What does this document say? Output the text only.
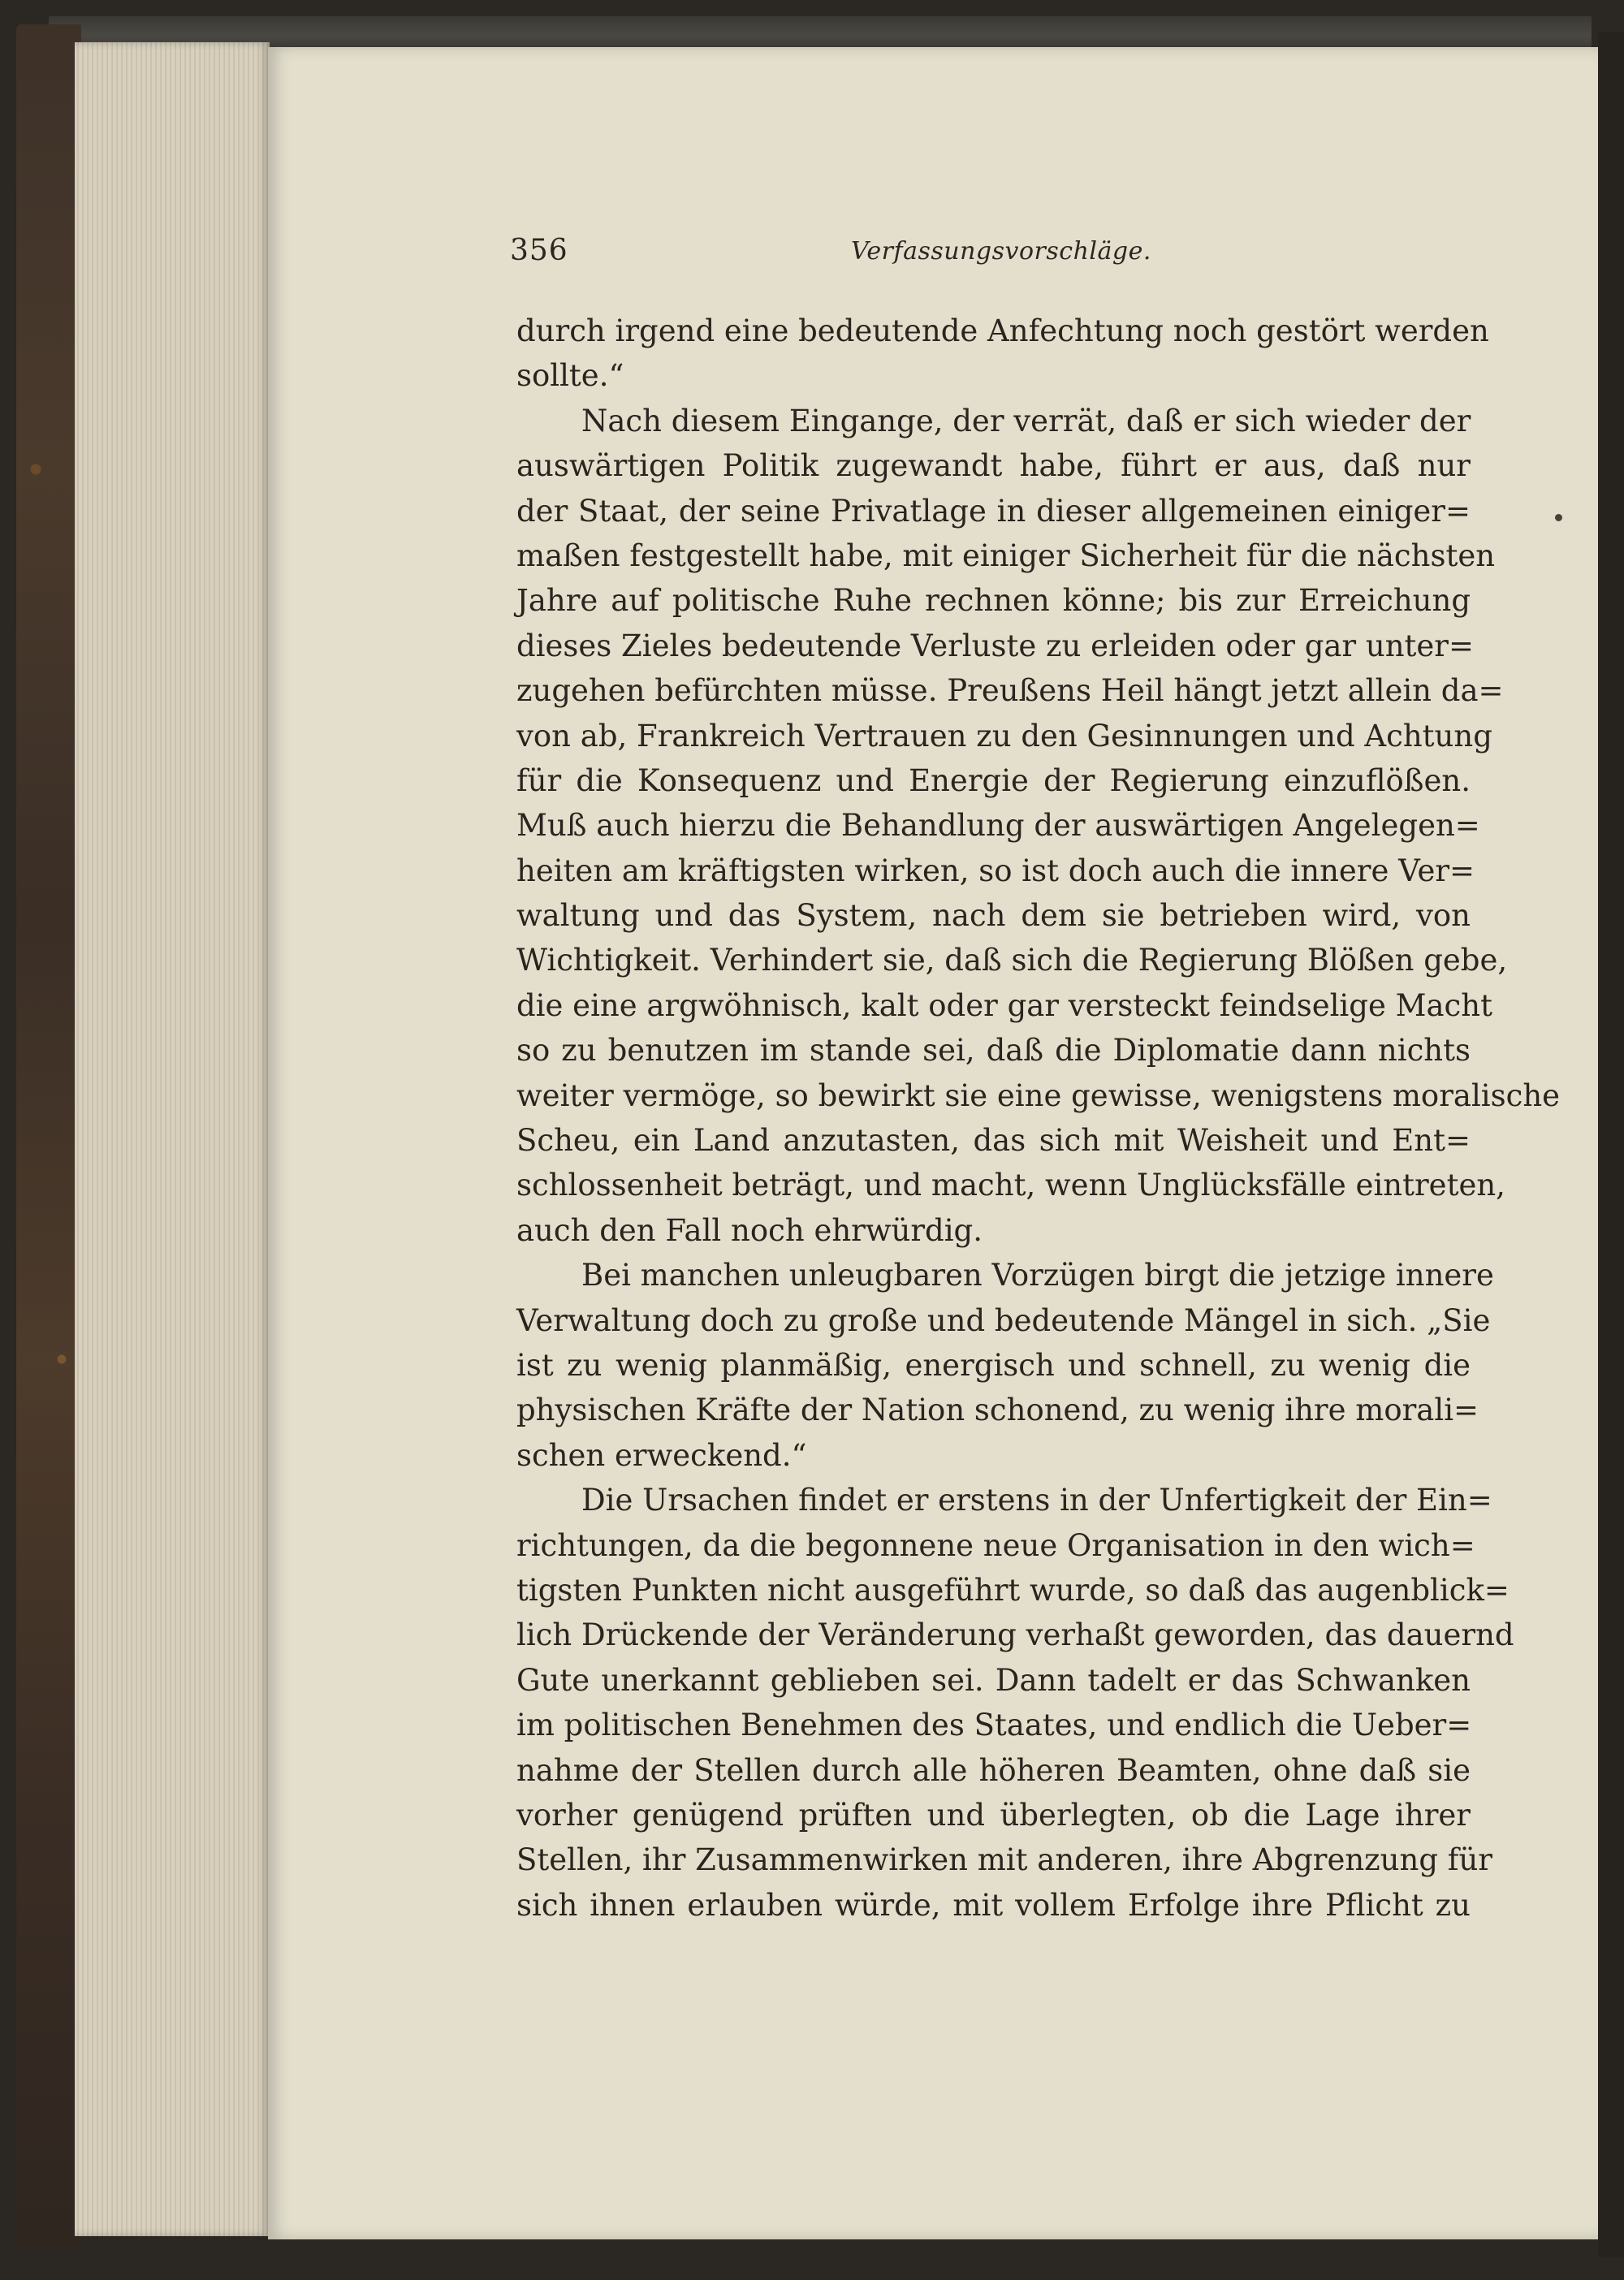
356	Verfassungsvorschläge.
durch irgend eine bedeutende Anfechtung noch gestört werden
sollte.“
Nach diesem Eingange, der verrät, daß er sich wieder der
auswärtigen Politik zugewandt habe, führt er aus, daß nur
der Staat, der seine Privatlage in dieser allgemeinen einiger=
maßen festgestellt habe, mit einiger Sicherheit für die nächsten
Jahre auf politische Ruhe rechnen könne; bis zur Erreichung
dieses Zieles bedeutende Verluste zu erleiden oder gar unter=
zugehen befürchten müsse. Preußens Heil hängt jetzt allein da=
von ab, Frankreich Vertrauen zu den Gesinnungen und Achtung
für die Konsequenz und Energie der Regierung einzuflößen.
Muß auch hierzu die Behandlung der auswärtigen Angelegen=
heiten am kräftigsten wirken, so ist doch auch die innere Ver=
waltung und das System, nach dem sie betrieben wird, von
Wichtigkeit. Verhindert sie, daß sich die Regierung Blößen gebe,
die eine argwöhnisch, kalt oder gar versteckt feindselige Macht
so zu benutzen im stande sei, daß die Diplomatie dann nichts
weiter vermöge, so bewirkt sie eine gewisse, wenigstens moralische
Scheu, ein Land anzutasten, das sich mit Weisheit und Ent=
schlossenheit beträgt, und macht, wenn Unglücksfälle eintreten,
auch den Fall noch ehrwürdig.
Bei manchen unleugbaren Vorzügen birgt die jetzige innere
Verwaltung doch zu große und bedeutende Mängel in sich. „Sie
ist zu wenig planmäßig, energisch und schnell, zu wenig die
physischen Kräfte der Nation schonend, zu wenig ihre morali=
schen erweckend.“
Die Ursachen findet er erstens in der Unfertigkeit der Ein=
richtungen, da die begonnene neue Organisation in den wich=
tigsten Punkten nicht ausgeführt wurde, so daß das augenblick=
lich Drückende der Veränderung verhaßt geworden, das dauernd
Gute unerkannt geblieben sei. Dann tadelt er das Schwanken
im politischen Benehmen des Staates, und endlich die Ueber=
nahme der Stellen durch alle höheren Beamten, ohne daß sie
vorher genügend prüften und überlegten, ob die Lage ihrer
Stellen, ihr Zusammenwirken mit anderen, ihre Abgrenzung für
sich ihnen erlauben würde, mit vollem Erfolge ihre Pflicht zu
